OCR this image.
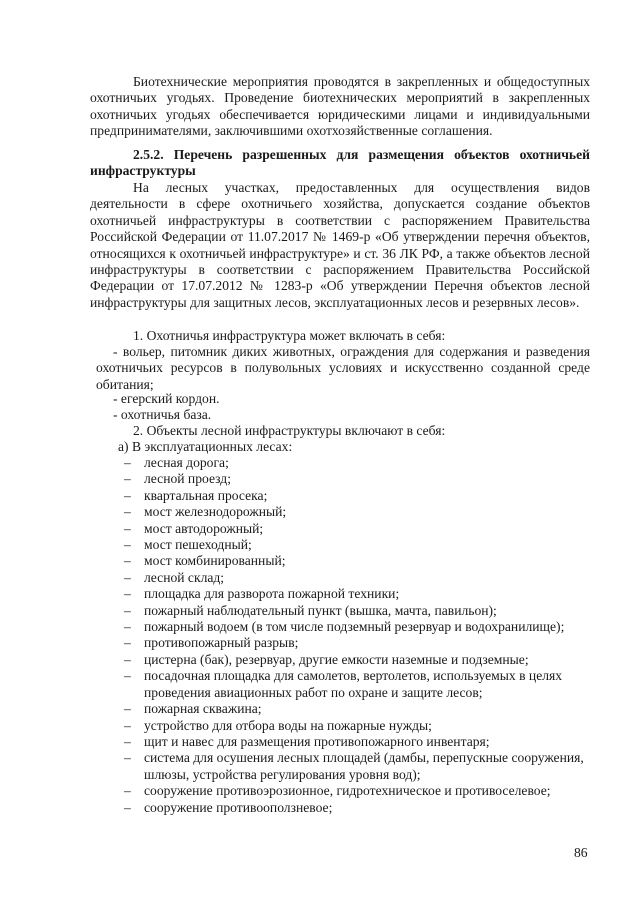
Биотехнические мероприятия проводятся в закрепленных и общедоступных охотничьих угодьях. Проведение биотехнических мероприятий в закрепленных охотничьих угодьях обеспечивается юридическими лицами и индивидуальными предпринимателями, заключившими охотхозяйственные соглашения.
2.5.2. Перечень разрешенных для размещения объектов охотничьей инфраструктуры
На лесных участках, предоставленных для осуществления видов деятельности в сфере охотничьего хозяйства, допускается создание объектов охотничьей инфраструктуры в соответствии с распоряжением Правительства Российской Федерации от 11.07.2017 № 1469-р «Об утверждении перечня объектов, относящихся к охотничьей инфраструктуре» и ст. 36 ЛК РФ, а также объектов лесной инфраструктуры в соответствии с распоряжением Правительства Российской Федерации от 17.07.2012 № 1283-р «Об утверждении Перечня объектов лесной инфраструктуры для защитных лесов, эксплуатационных лесов и резервных лесов».
1. Охотничья инфраструктура может включать в себя:
- вольер, питомник диких животных, ограждения для содержания и разведения охотничьих ресурсов в полувольных условиях и искусственно созданной среде обитания;
- егерский кордон.
- охотничья база.
2. Объекты лесной инфраструктуры включают в себя:
а) В эксплуатационных лесах:
– лесная дорога;
– лесной проезд;
– квартальная просека;
– мост железнодорожный;
– мост автодорожный;
– мост пешеходный;
– мост комбинированный;
– лесной склад;
– площадка для разворота пожарной техники;
– пожарный наблюдательный пункт (вышка, мачта, павильон);
– пожарный водоем (в том числе подземный резервуар и водохранилище);
– противопожарный разрыв;
– цистерна (бак), резервуар, другие емкости наземные и подземные;
– посадочная площадка для самолетов, вертолетов, используемых в целях проведения авиационных работ по охране и защите лесов;
– пожарная скважина;
– устройство для отбора воды на пожарные нужды;
– щит и навес для размещения противопожарного инвентаря;
– система для осушения лесных площадей (дамбы, перепускные сооружения, шлюзы, устройства регулирования уровня вод);
– сооружение противоэрозионное, гидротехническое и противоселевое;
– сооружение противооползневое;
86
